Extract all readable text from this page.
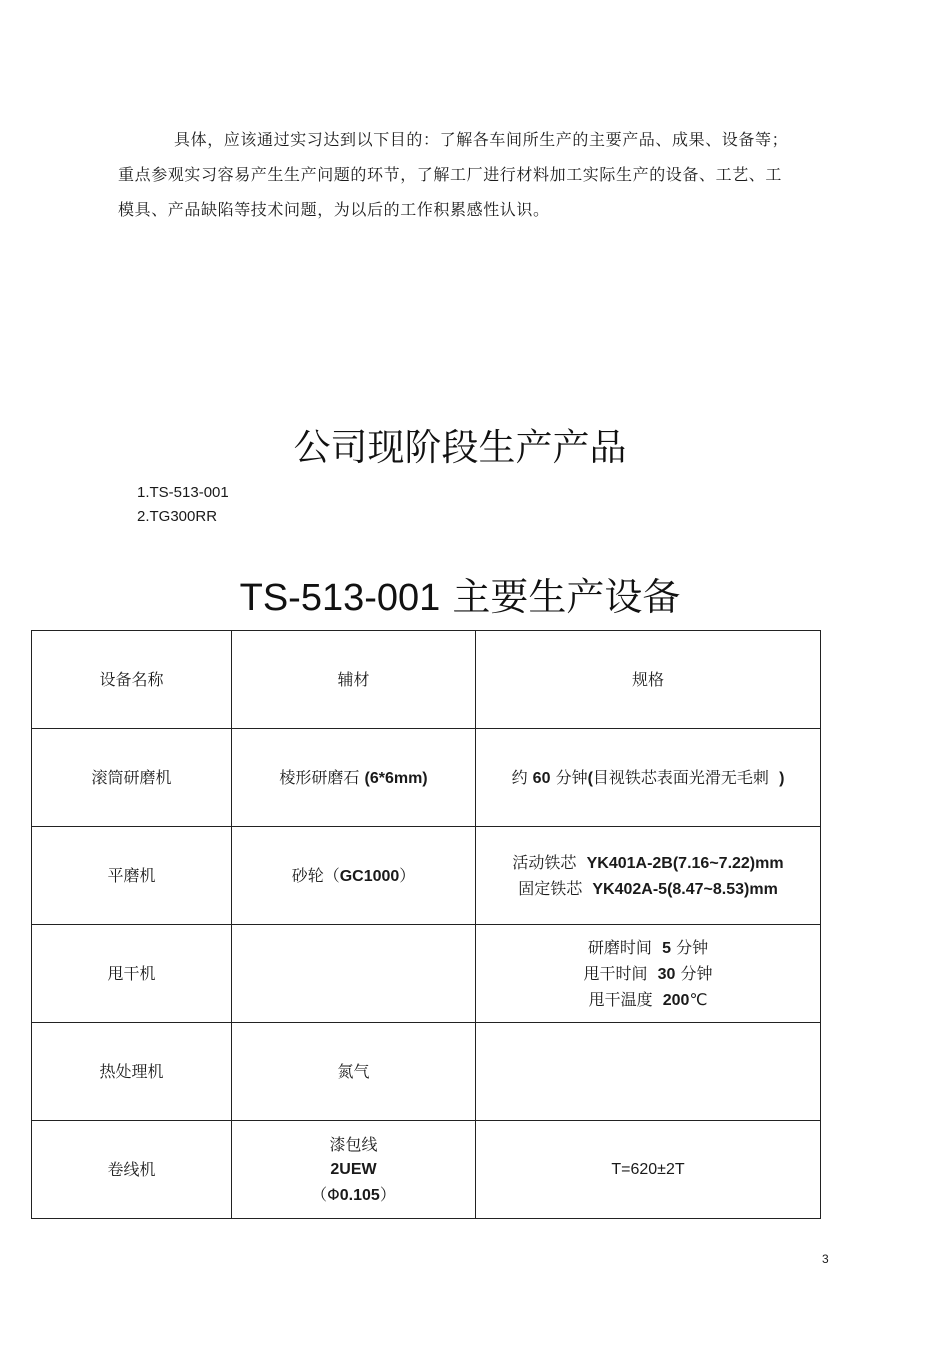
具体，应该通过实习达到以下目的：了解各车间所生产的主要产品、成果、设备等；重点参观实习容易产生生产问题的环节，了解工厂进行材料加工实际生产的设备、工艺、工模具、产品缺陷等技术问题，为以后的工作积累感性认识。

公司现阶段生产产品
1.TS-513-001
2.TG300RR
TS-513-001 主要生产设备
设备名称	辅材	规格
滚筒研磨机	棱形研磨石 (6*6mm)	约 60 分钟(目视铁芯表面光滑无毛刺 )
平磨机	砂轮（GC1000）	活动铁芯 YK401A-2B(7.16~7.22)mm
固定铁芯 YK402A-5(8.47~8.53)mm

甩干机		研磨时间 5 分钟
甩干时间 30 分钟
甩干温度 200℃

热处理机	氮气	
卷线机	漆包线
2UEW
（Φ0.105）	T=620±2T
3
